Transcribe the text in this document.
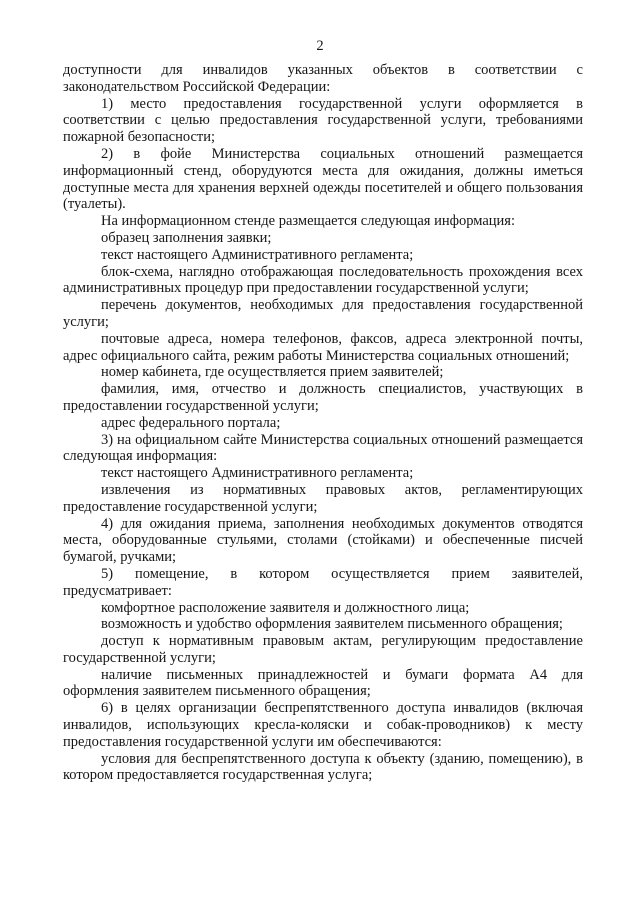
2

доступности для инвалидов указанных объектов в соответствии с законодательством Российской Федерации:

1) место предоставления государственной услуги оформляется в соответствии с целью предоставления государственной услуги, требованиями пожарной безопасности;

2) в фойе Министерства социальных отношений размещается информационный стенд, оборудуются места для ожидания, должны иметься доступные места для хранения верхней одежды посетителей и общего пользования (туалеты).

На информационном стенде размещается следующая информация:

образец заполнения заявки;

текст настоящего Административного регламента;

блок-схема, наглядно отображающая последовательность прохождения всех административных процедур при предоставлении государственной услуги;

перечень документов, необходимых для предоставления государственной услуги;

почтовые адреса, номера телефонов, факсов, адреса электронной почты, адрес официального сайта, режим работы Министерства социальных отношений;

номер кабинета, где осуществляется прием заявителей;

фамилия, имя, отчество и должность специалистов, участвующих в предоставлении государственной услуги;

адрес федерального портала;

3) на официальном сайте Министерства социальных отношений размещается следующая информация:

текст настоящего Административного регламента;

извлечения из нормативных правовых актов, регламентирующих предоставление государственной услуги;

4) для ожидания приема, заполнения необходимых документов отводятся места, оборудованные стульями, столами (стойками) и обеспеченные писчей бумагой, ручками;

5) помещение, в котором осуществляется прием заявителей, предусматривает:

комфортное расположение заявителя и должностного лица;

возможность и удобство оформления заявителем письменного обращения;

доступ к нормативным правовым актам, регулирующим предоставление государственной услуги;

наличие письменных принадлежностей и бумаги формата А4 для оформления заявителем письменного обращения;

6) в целях организации беспрепятственного доступа инвалидов (включая инвалидов, использующих кресла-коляски и собак-проводников) к месту предоставления государственной услуги им обеспечиваются:

условия для беспрепятственного доступа к объекту (зданию, помещению), в котором предоставляется государственная услуга;
